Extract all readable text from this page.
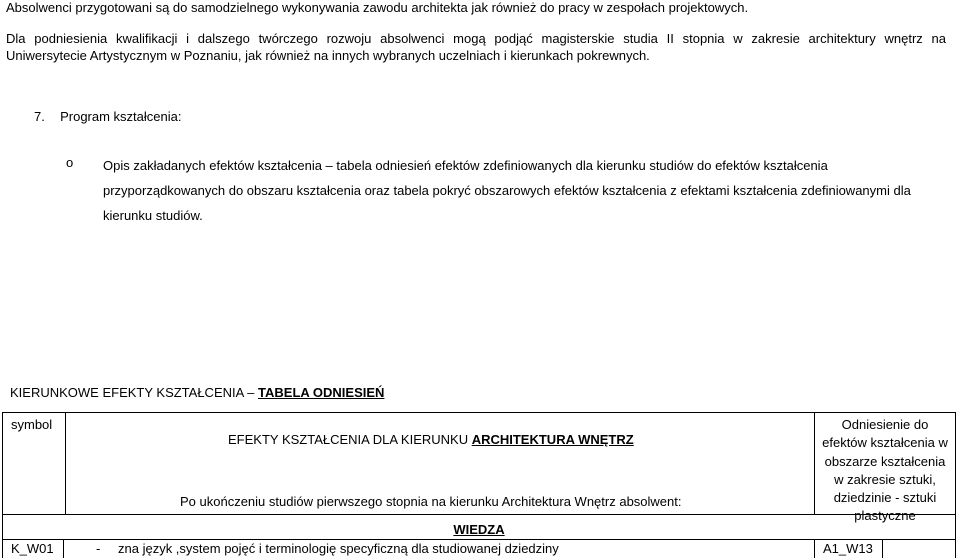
Absolwenci przygotowani są do samodzielnego wykonywania zawodu architekta jak również do pracy w zespołach projektowych.
Dla podniesienia kwalifikacji i dalszego twórczego rozwoju absolwenci mogą podjąć magisterskie studia II stopnia w zakresie architektury wnętrz na
Uniwersytecie Artystycznym w Poznaniu, jak również na innych wybranych uczelniach i kierunkach pokrewnych.
7. Program kształcenia:
o Opis zakładanych efektów kształcenia – tabela odniesień efektów zdefiniowanych dla kierunku studiów do efektów kształcenia przyporządkowanych do obszaru kształcenia oraz tabela pokryć obszarowych efektów kształcenia z efektami kształcenia zdefiniowanymi dla kierunku studiów.
KIERUNKOWE EFEKTY KSZTAŁCENIA – TABELA ODNIESIEŃ
symbol
EFEKTY KSZTAŁCENIA DLA KIERUNKU ARCHITEKTURA WNĘTRZ
Po ukończeniu studiów pierwszego stopnia na kierunku Architektura Wnętrz absolwent:
Odniesienie do
efektów kształcenia w
obszarze kształcenia
w zakresie sztuki,
dziedzinie - sztuki
plastyczne
WIEDZA
K_W01	- zna język ,system pojęć i terminologię specyficzną dla studiowanej dziedziny	A1_W13
